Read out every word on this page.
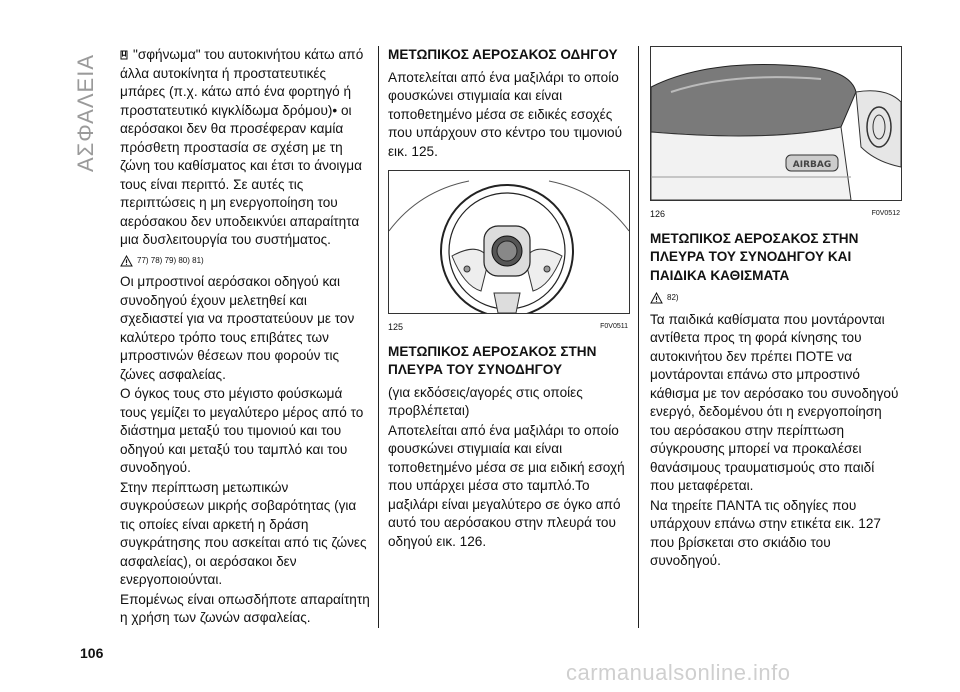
ΑΣΦΑΛΕΙΑ	"σφήνωμα" του αυτοκινήτου κάτω από άλλα αυτοκίνητα ή προστατευτικές μπάρες (π.χ. κάτω από ένα φορτηγό ή προστατευτικό κιγκλίδωμα δρόμου)• οι αερόσακοι δεν θα προσέφεραν καμία πρόσθετη προστασία σε σχέση με τη ζώνη του καθίσματος και έτσι το άνοιγμα τους είναι περιττό. Σε αυτές τις περιπτώσεις η μη ενεργοποίηση του αερόσακου δεν υποδεικνύει απαραίτητα μια δυσλειτουργία του συστήματος.

77) 78) 79) 80) 81)

Οι μπροστινοί αερόσακοι οδηγού και συνοδηγού έχουν μελετηθεί και σχεδιαστεί για να προστατεύουν με τον καλύτερο τρόπο τους επιβάτες των μπροστινών θέσεων που φορούν τις ζώνες ασφαλείας.

Ο όγκος τους στο μέγιστο φούσκωμά τους γεμίζει το μεγαλύτερο μέρος από το διάστημα μεταξύ του τιμονιού και του οδηγού και μεταξύ του ταμπλό και του συνοδηγού.

Στην περίπτωση μετωπικών συγκρούσεων μικρής σοβαρότητας (για τις οποίες είναι αρκετή η δράση συγκράτησης που ασκείται από τις ζώνες ασφαλείας), οι αερόσακοι δεν ενεργοποιούνται.

Επομένως είναι οπωσδήποτε απαραίτητη η χρήση των ζωνών ασφαλείας.

ΜΕΤΩΠΙΚΟΣ ΑΕΡΟΣΑΚΟΣ ΟΔΗΓΟΥ

Αποτελείται από ένα μαξιλάρι το οποίο φουσκώνει στιγμιαία και είναι τοποθετημένο μέσα σε ειδικές εσοχές που υπάρχουν στο κέντρο του τιμονιού εικ. 125.

125	F0V0511
ΜΕΤΩΠΙΚΟΣ ΑΕΡΟΣΑΚΟΣ ΣΤΗΝ ΠΛΕΥΡΑ ΤΟΥ ΣΥΝΟΔΗΓΟΥ

(για εκδόσεις/αγορές στις οποίες προβλέπεται)

Αποτελείται από ένα μαξιλάρι το οποίο φουσκώνει στιγμιαία και είναι τοποθετημένο μέσα σε μια ειδική εσοχή που υπάρχει μέσα στο ταμπλό.Το μαξιλάρι είναι μεγαλύτερο σε όγκο από αυτό του αερόσακου στην πλευρά του οδηγού εικ. 126.

AIRBAG
126	F0V0512
ΜΕΤΩΠΙΚΟΣ ΑΕΡΟΣΑΚΟΣ ΣΤΗΝ ΠΛΕΥΡΑ ΤΟΥ ΣΥΝΟΔΗΓΟΥ ΚΑΙ ΠΑΙΔΙΚΑ ΚΑΘΙΣΜΑΤΑ
82)

Τα παιδικά καθίσματα που μοντάρονται αντίθετα προς τη φορά κίνησης του αυτοκινήτου δεν πρέπει ΠΟΤΕ να μοντάρονται επάνω στο μπροστινό κάθισμα με τον αερόσακο του συνοδηγού ενεργό, δεδομένου ότι η ενεργοποίηση του αερόσακου στην περίπτωση σύγκρουσης μπορεί να προκαλέσει θανάσιμους τραυματισμούς στο παιδί που μεταφέρεται.

Να τηρείτε ΠΑΝΤΑ τις οδηγίες που υπάρχουν επάνω στην ετικέτα εικ. 127 που βρίσκεται στο σκιάδιο του συνοδηγού.

106
carmanualsonline.info
